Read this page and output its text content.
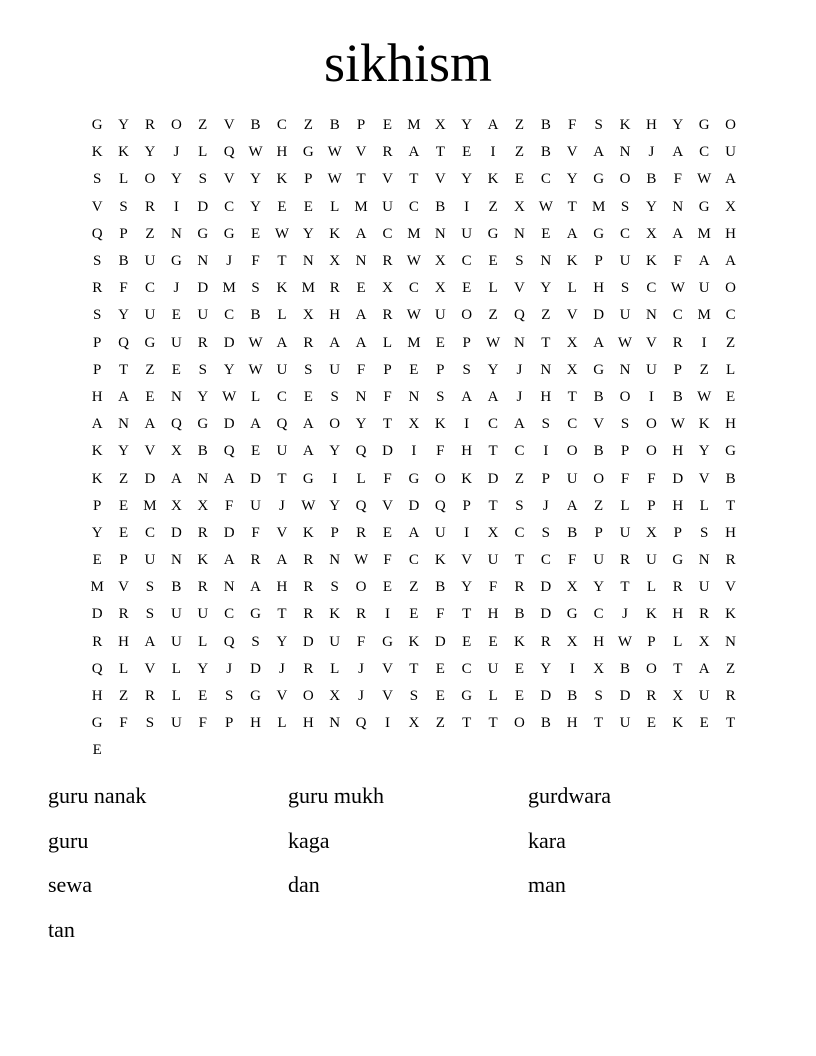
sikhism
G	Y	R	O	Z	V	B	C	Z	B	P	E	M X	Y	A	Z	B	F	S	K	H	Y	G	O
K	K	Y	J	L	Q W H	G W V	R	A	T	E	I	Z	B	V	A	N	J	A	C	U
S	L	O	Y	S	V	Y	K	P	W T	V	T	V	Y	K	E	C	Y	G	O	B	F	W A
V	S	R	I	D	C	Y	E	E	L	M U	C	B	I	Z	X W T	M	S	Y	N	G	X
Q	P	Z	N	G	G	E W Y	K	A	C M N	U	G	N	E	A	G	C	X	A M H
S	B	U	G	N	J	F	T	N	X	N	R W X	C	E	S	N	K	P	U	K	F	A	A
R	F	C	J	D M	S	K M R	E	X	C	X	E	L	V	Y	L	H	S	C W U	O
S	Y	U	E	U	C	B	L	X	H	A	R W U	O	Z	Q	Z	V	D	U	N	C M C
P	Q	G	U	R	D W A	R	A	A	L	M	E	P	W N	T	X	A W V	R	I	Z
P	T	Z	E	S	Y W U	S	U	F	P	E	P	S	Y	J	N	X	G	N	U	P	Z	L
H	A	E	N	Y W L	C	E	S	N	F	N	S	A	A	J	H	T	B	O	I	B W E
A	N	A	Q	G	D	A	Q	A	O	Y	T	X	K	I	C	A	S	C	V	S	O W K	H
K	Y	V	X	B	Q	E	U	A	Y	Q	D	I	F	H	T	C	I	O	B	P	O	H	Y	G
K	Z	D	A	N	A	D	T	G	I	L	F	G	O	K	D	Z	P	U	O	F	F	D	V	B
P	E	M X	X	F	U	J	W Y	Q	V	D	Q	P	T	S	J	A	Z	L	P	H	L	T
Y	E	C	D	R	D	F	V	K	P	R	E	A	U	I	X	C	S	B	P	U	X	P	S	H
E	P	U	N	K	A	R	A	R	N W	F	C	K	V	U	T	C	F	U	R	U	G	N	R
M V	S	B	R	N	A	H	R	S	O	E	Z	B	Y	F	R	D	X	Y	T	L	R	U	V
D	R	S	U	U	C	G	T	R	K	R	I	E	F	T	H	B	D	G	C	J	K	H	R	K
R	H	A	U	L	Q	S	Y	D	U	F	G	K	D	E	E	K	R	X	H W	P	L	X	N
Q	L	V	L	Y	J	D	J	R	L	J	V	T	E	C	U	E	Y	I	X	B	O	T	A	Z
H	Z	R	L	E	S	G	V	O	X	J	V	S	E	G	L	E	D	B	S	D	R	X	U	R
G	F	S	U	F	P	H	L	H	N	Q	I	X	Z	T	T	O	B	H	T	U	E	K	E	T
E
guru nanak	guru mukh	gurdwara
guru	kaga	kara
sewa	dan	man
tan
